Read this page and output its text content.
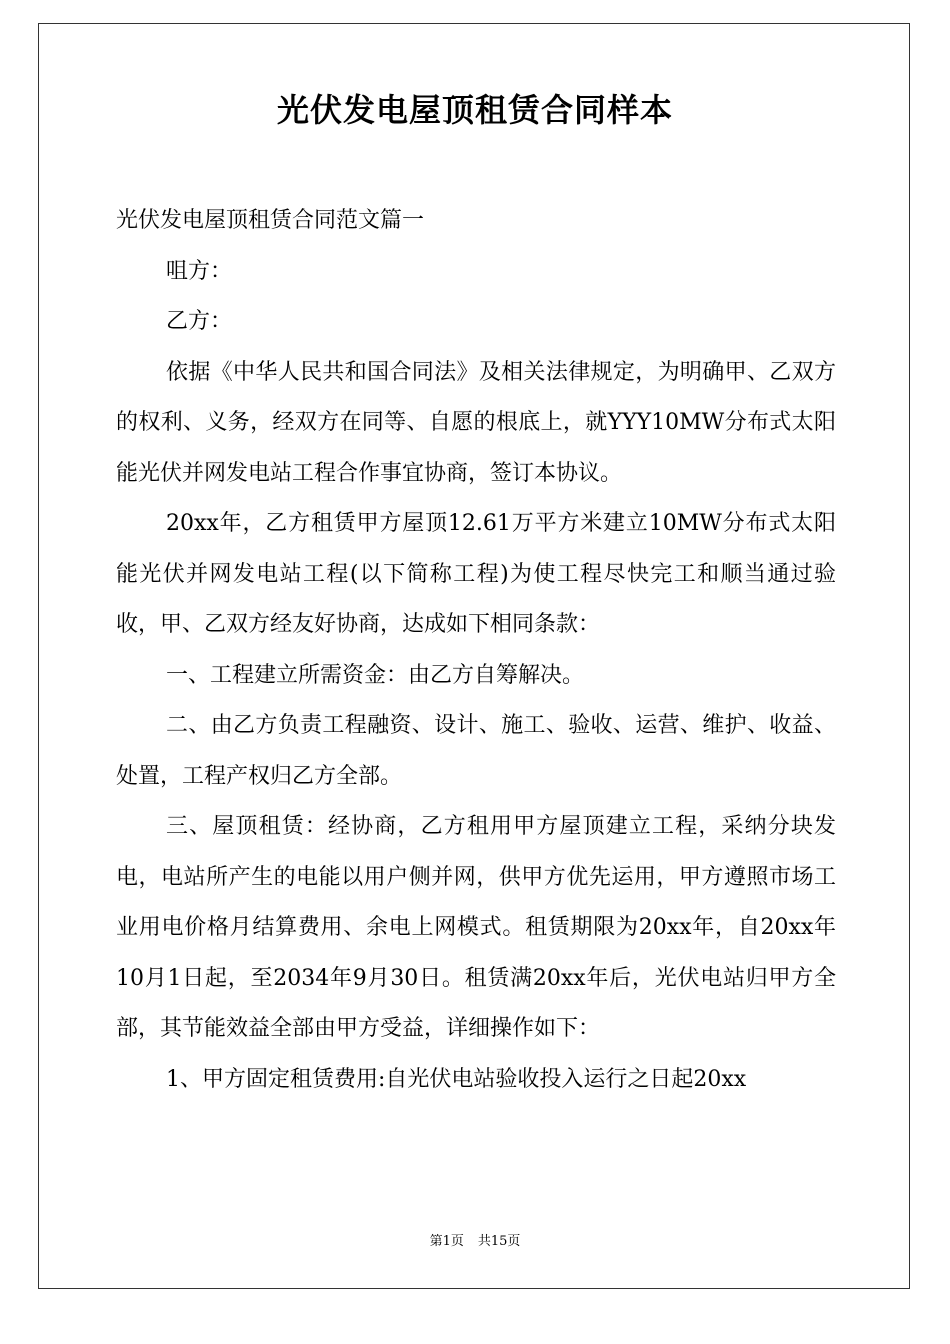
光伏发电屋顶租赁合同样本

光伏发电屋顶租赁合同范文篇一

咀方：

乙方：

依据《中华人民共和国合同法》及相关法律规定，为明确甲、乙双方的权利、义务，经双方在同等、自愿的根底上，就YYY10MW分布式太阳能光伏并网发电站工程合作事宜协商，签订本协议。

20xx年，乙方租赁甲方屋顶12.61万平方米建立10MW分布式太阳能光伏并网发电站工程(以下简称工程)为使工程尽快完工和顺当通过验收，甲、乙双方经友好协商，达成如下相同条款：

一、工程建立所需资金：由乙方自筹解决。

二、由乙方负责工程融资、设计、施工、验收、运营、维护、收益、处置，工程产权归乙方全部。

三、屋顶租赁：经协商，乙方租用甲方屋顶建立工程，采纳分块发电，电站所产生的电能以用户侧并网，供甲方优先运用，甲方遵照市场工业用电价格月结算费用、余电上网模式。租赁期限为20xx年，自20xx年10月1日起，至2034年9月30日。租赁满20xx年后，光伏电站归甲方全部，其节能效益全部由甲方受益，详细操作如下：

1、甲方固定租赁费用:自光伏电站验收投入运行之日起20xx

第1页 共15页
